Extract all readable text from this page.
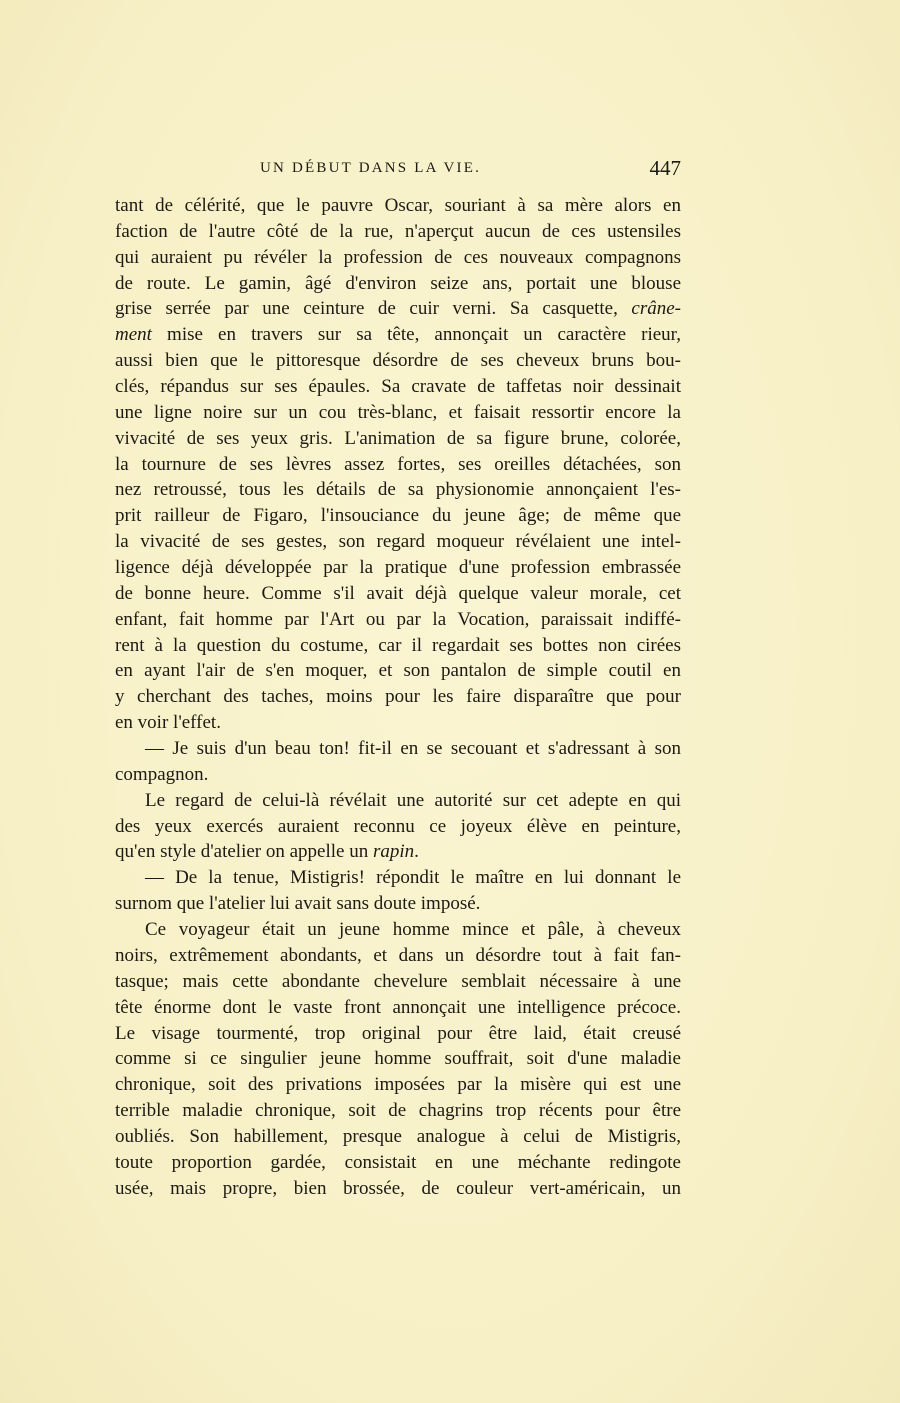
UN DÉBUT DANS LA VIE.	447
tant de célérité, que le pauvre Oscar, souriant à sa mère alors en
faction de l'autre côté de la rue, n'aperçut aucun de ces ustensiles
qui auraient pu révéler la profession de ces nouveaux compagnons
de route. Le gamin, âgé d'environ seize ans, portait une blouse
grise serrée par une ceinture de cuir verni. Sa casquette, crâne-
ment mise en travers sur sa tête, annonçait un caractère rieur,
aussi bien que le pittoresque désordre de ses cheveux bruns bou-
clés, répandus sur ses épaules. Sa cravate de taffetas noir dessinait
une ligne noire sur un cou très-blanc, et faisait ressortir encore la
vivacité de ses yeux gris. L'animation de sa figure brune, colorée,
la tournure de ses lèvres assez fortes, ses oreilles détachées, son
nez retroussé, tous les détails de sa physionomie annonçaient l'es-
prit railleur de Figaro, l'insouciance du jeune âge; de même que
la vivacité de ses gestes, son regard moqueur révélaient une intel-
ligence déjà développée par la pratique d'une profession embrassée
de bonne heure. Comme s'il avait déjà quelque valeur morale, cet
enfant, fait homme par l'Art ou par la Vocation, paraissait indiffé-
rent à la question du costume, car il regardait ses bottes non cirées
en ayant l'air de s'en moquer, et son pantalon de simple coutil en
y cherchant des taches, moins pour les faire disparaître que pour
en voir l'effet.
— Je suis d'un beau ton! fit-il en se secouant et s'adressant à son
compagnon.
Le regard de celui-là révélait une autorité sur cet adepte en qui
des yeux exercés auraient reconnu ce joyeux élève en peinture,
qu'en style d'atelier on appelle un rapin.
— De la tenue, Mistigris! répondit le maître en lui donnant le
surnom que l'atelier lui avait sans doute imposé.
Ce voyageur était un jeune homme mince et pâle, à cheveux
noirs, extrêmement abondants, et dans un désordre tout à fait fan-
tasque; mais cette abondante chevelure semblait nécessaire à une
tête énorme dont le vaste front annonçait une intelligence précoce.
Le visage tourmenté, trop original pour être laid, était creusé
comme si ce singulier jeune homme souffrait, soit d'une maladie
chronique, soit des privations imposées par la misère qui est une
terrible maladie chronique, soit de chagrins trop récents pour être
oubliés. Son habillement, presque analogue à celui de Mistigris,
toute proportion gardée, consistait en une méchante redingote
usée, mais propre, bien brossée, de couleur vert-américain, un
